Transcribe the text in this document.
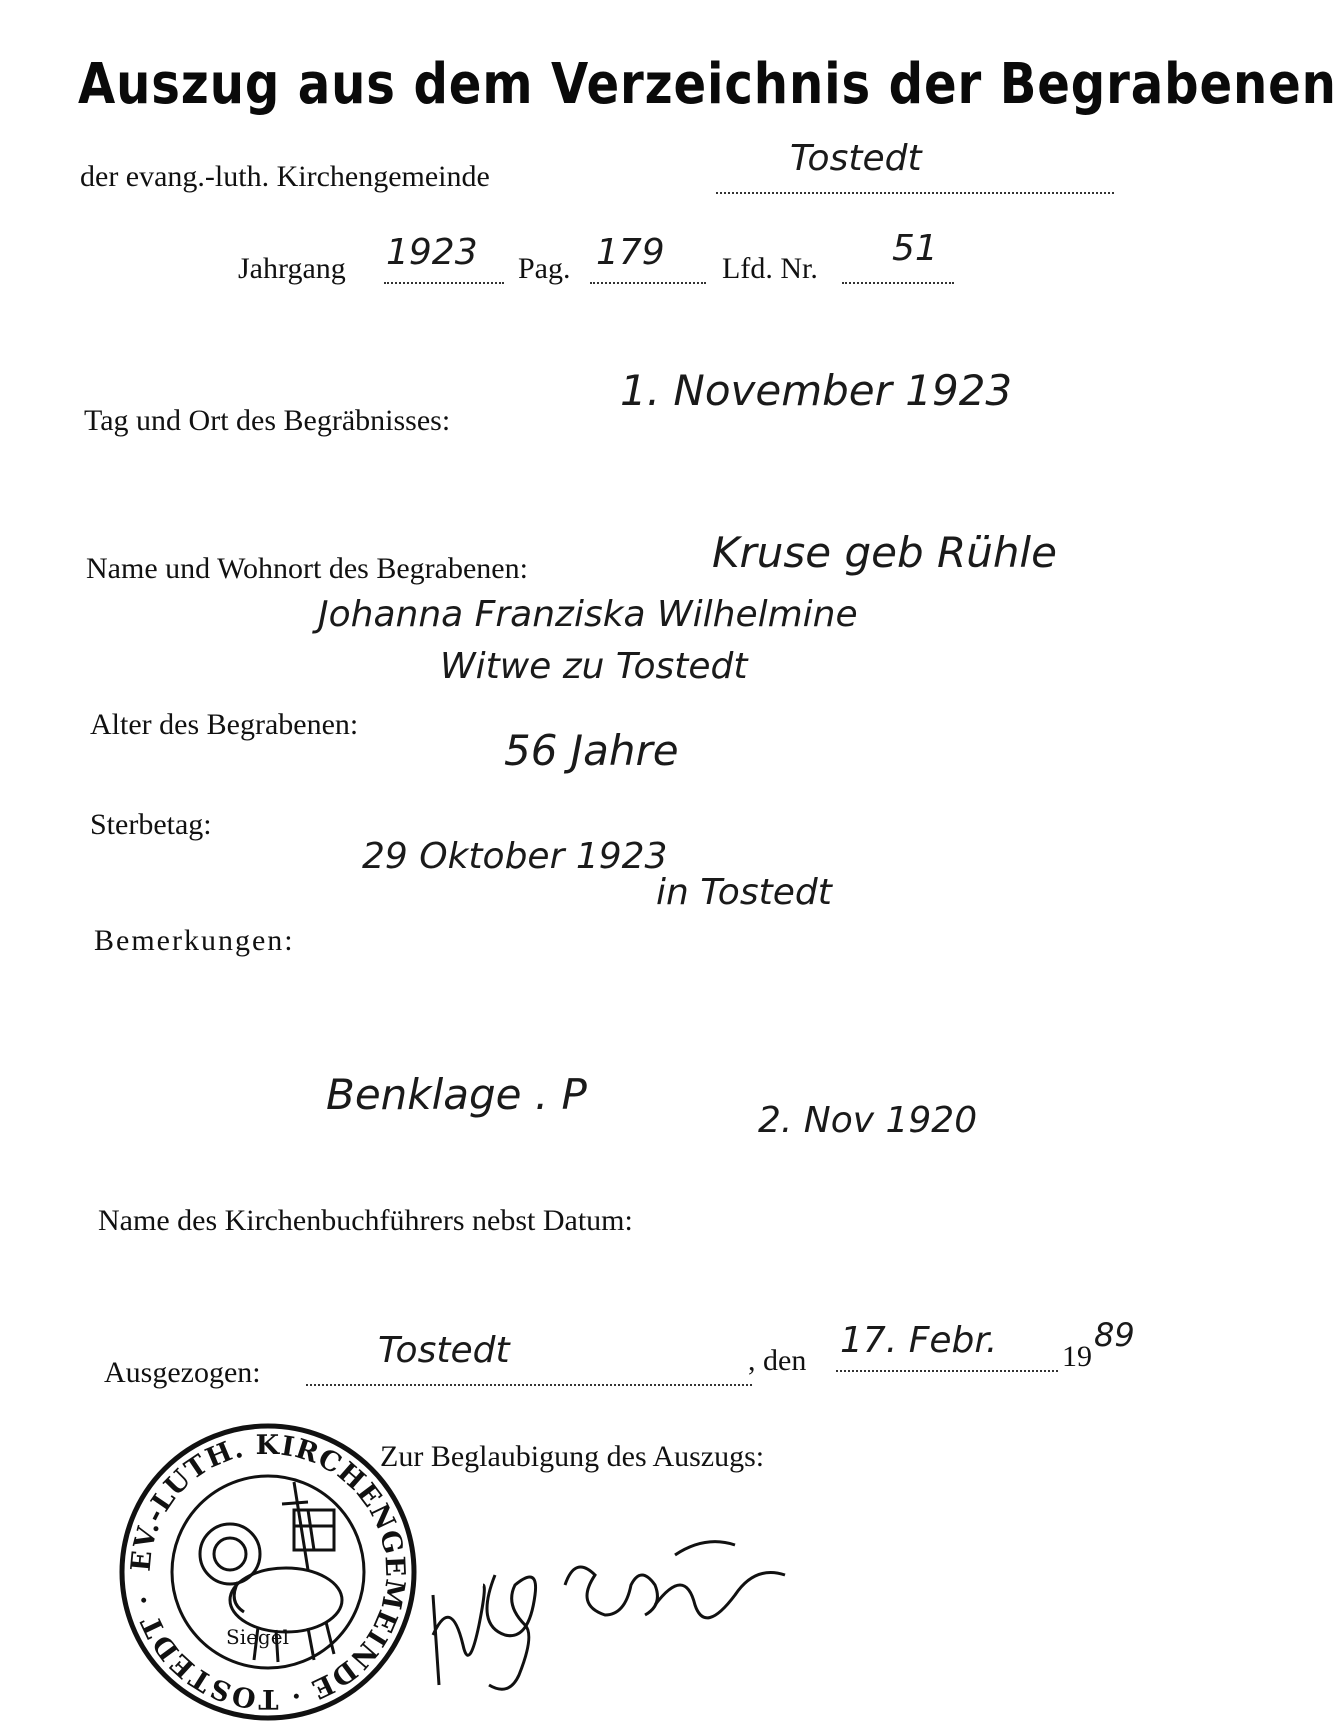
Auszug aus dem Verzeichnis der Begrabenen
der evang.-luth. Kirchengemeinde	Tostedt
Jahrgang 1923 Pag. 179 Lfd. Nr. 51
Tag und Ort des Begräbnisses:
1. November 1923
Name und Wohnort des Begrabenen:	Kruse geb Rühle
Johanna Franziska Wilhelmine
Witwe zu Tostedt
Alter des Begrabenen:
56 Jahre
Sterbetag:
29 Oktober 1923
in Tostedt
Bemerkungen:
Benklage . P
2. Nov 1920
Name des Kirchenbuchführers nebst Datum:
Ausgezogen:
Tostedt	, den 17. Febr. 19
89
Zur Beglaubigung des Auszugs:
EV.-LUTH. KIRCHENGEMEINDE · TOSTEDT ·
Siegel
